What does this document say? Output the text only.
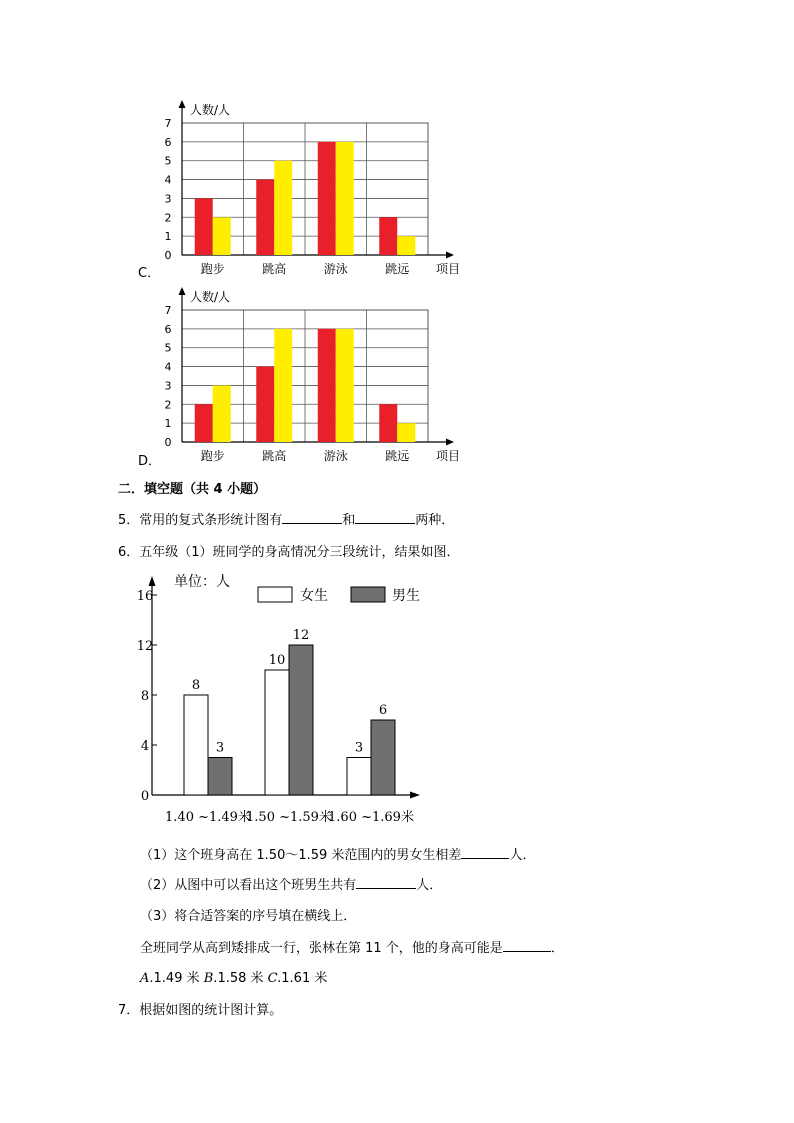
C．
0
1
2
3
4
5
6
7
人数/人
跑步	跳高	游泳	跳远 项目
D．
0
1
2
3
4
5
6
7
人数/人
跑步	跳高	游泳	跳远 项目
二．填空题（共 4 小题）
5．常用的复式条形统计图有	和	两种．
6．五年级（1）班同学的身高情况分三段统计，结果如图．
0
4
8
12
16
单位：人
女生	男生
8
3
1.40 ~1.49米
10
12
1.50 ~1.59米
3
6
1.60 ~1.69米
（1）这个班身高在 1.50～1.59 米范围内的男女生相差	人．
（2）从图中可以看出这个班男生共有	人．
（3）将合适答案的序号填在横线上．
全班同学从高到矮排成一行，张林在第 11 个，他的身高可能是	．
A.1.49 米 B.1.58 米 C.1.61 米
7．根据如图的统计图计算。
